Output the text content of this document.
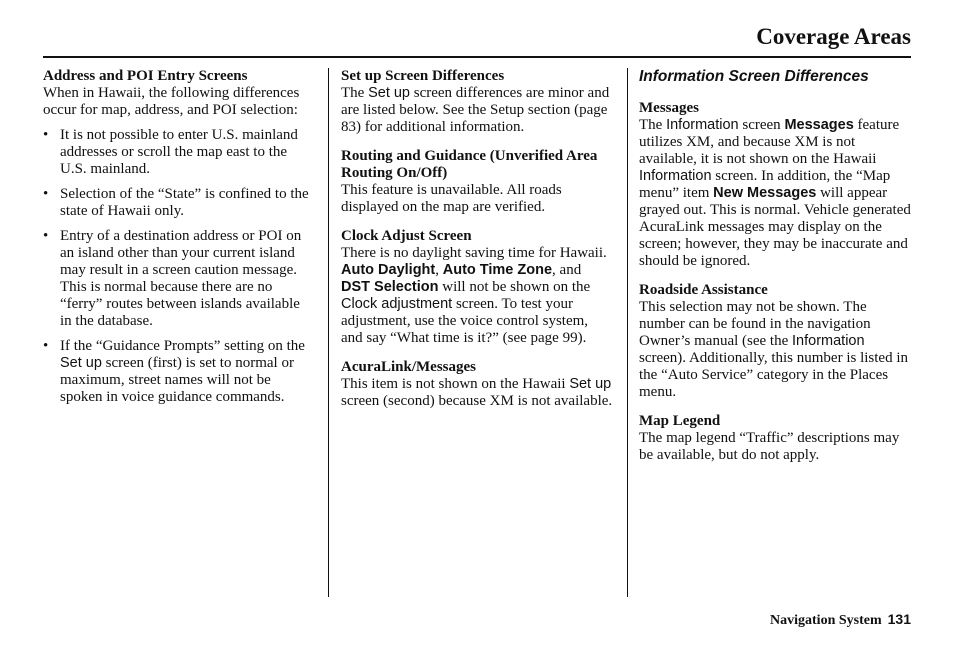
Coverage Areas

Address and POI Entry Screens

When in Hawaii, the following differences occur for map, address, and POI selection:

• It is not possible to enter U.S. mainland addresses or scroll the map east to the U.S. mainland.
• Selection of the “State” is confined to the state of Hawaii only.
• Entry of a destination address or POI on an island other than your current island may result in a screen caution message. This is normal because there are no “ferry” routes between islands available in the database.
• If the “Guidance Prompts” setting on the Set up screen (first) is set to normal or maximum, street names will not be spoken in voice guidance commands.

Set up Screen Differences

The Set up screen differences are minor and are listed below. See the Setup section (page 83) for additional information.

Routing and Guidance (Unverified Area Routing On/Off)

This feature is unavailable. All roads displayed on the map are verified.

Clock Adjust Screen

There is no daylight saving time for Hawaii. Auto Daylight, Auto Time Zone, and DST Selection will not be shown on the Clock adjustment screen. To test your adjustment, use the voice control system, and say “What time is it?” (see page 99).

AcuraLink/Messages

This item is not shown on the Hawaii Set up screen (second) because XM is not available.

Information Screen Differences

Messages

The Information screen Messages feature utilizes XM, and because XM is not available, it is not shown on the Hawaii Information screen. In addition, the “Map menu” item New Messages will appear grayed out. This is normal. Vehicle generated AcuraLink messages may display on the screen; however, they may be inaccurate and should be ignored.

Roadside Assistance

This selection may not be shown. The number can be found in the navigation Owner’s manual (see the Information screen). Additionally, this number is listed in the “Auto Service” category in the Places menu.

Map Legend

The map legend “Traffic” descriptions may be available, but do not apply.

Navigation System 131
